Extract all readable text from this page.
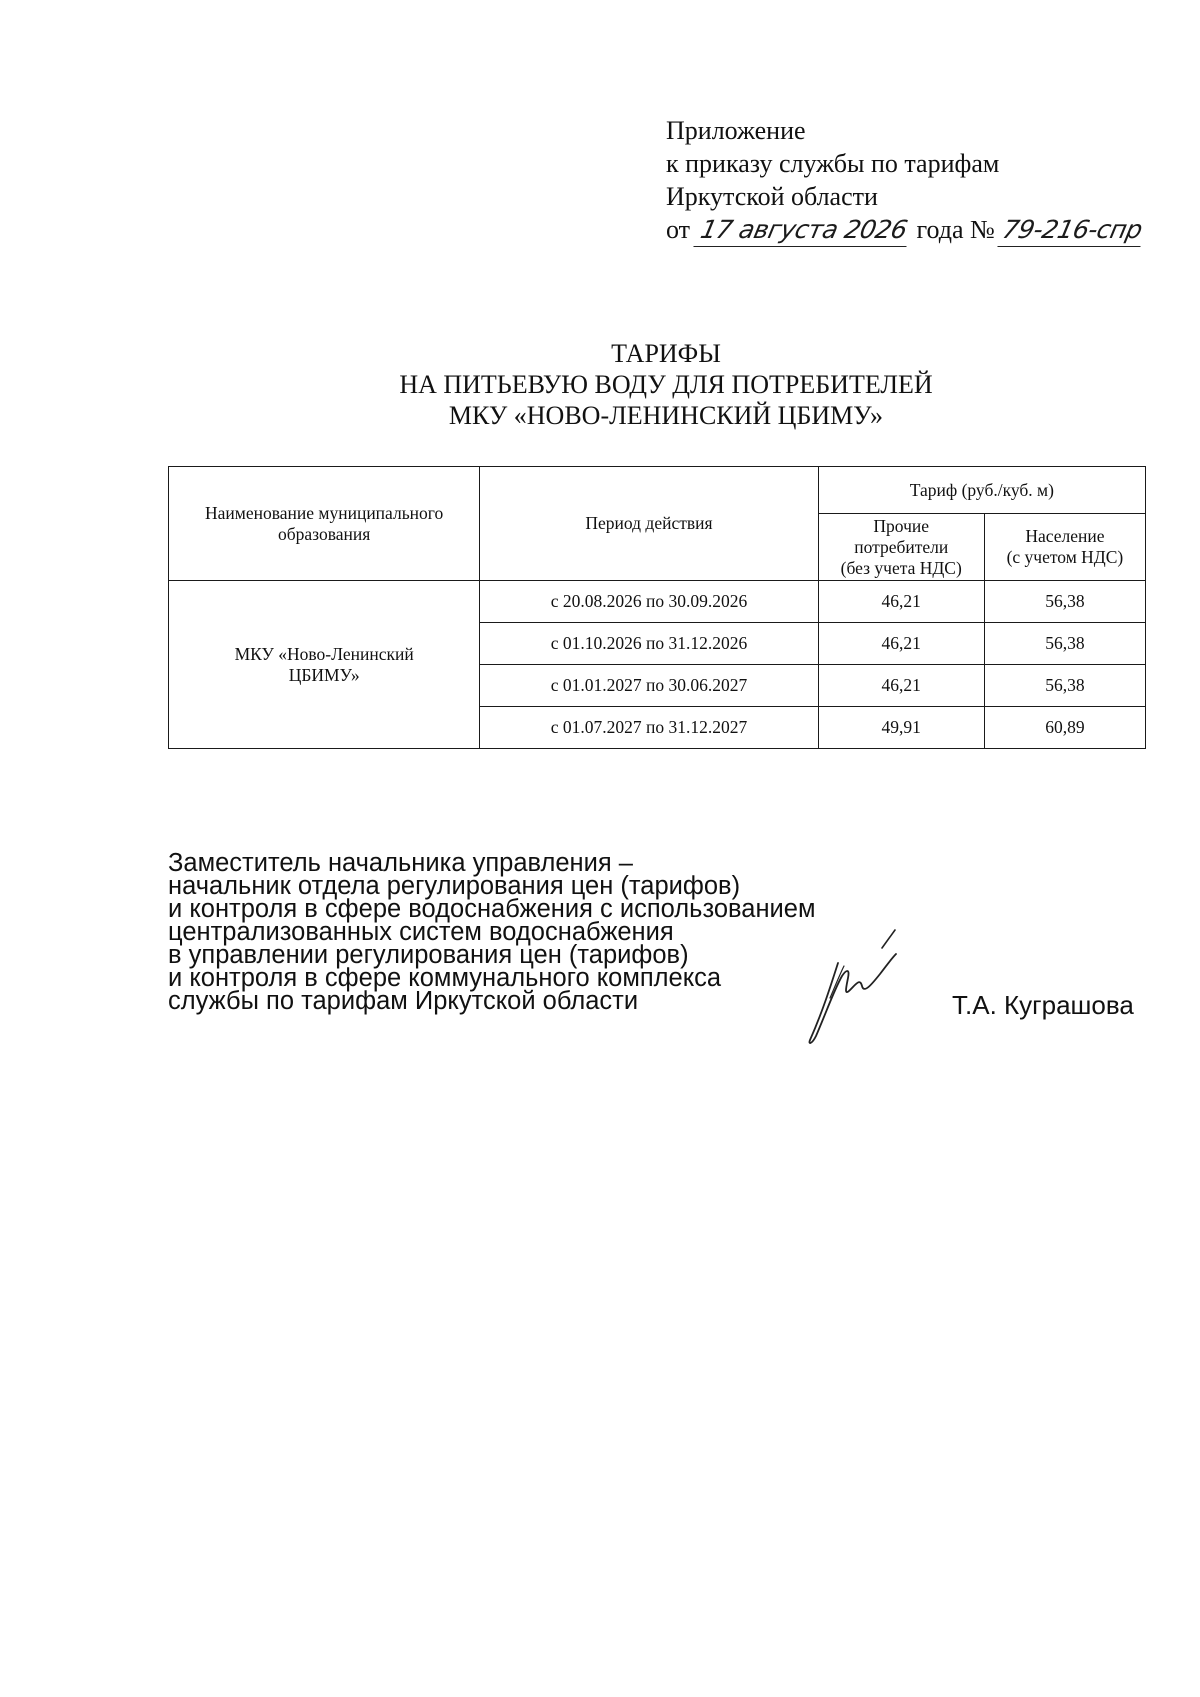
Приложение
к приказу службы по тарифам
Иркутской области
от 17 августа 2026 года № 79-216-спр
ТАРИФЫ
НА ПИТЬЕВУЮ ВОДУ ДЛЯ ПОТРЕБИТЕЛЕЙ
МКУ «НОВО-ЛЕНИНСКИЙ ЦБИМУ»
Наименование муниципального образования	Период действия	Тариф (руб./куб. м)	

		Прочие
потребители
(без учета НДС)	Население
(с учетом НДС)

МКУ «Ново-Ленинский
ЦБИМУ»	с 20.08.2026 по 30.09.2026	46,21	56,38
	с 01.10.2026 по 31.12.2026	46,21	56,38
	с 01.01.2027 по 30.06.2027	46,21	56,38
	с 01.07.2027 по 31.12.2027	49,91	60,89
Заместитель начальника управления –
начальник отдела регулирования цен (тарифов)
и контроля в сфере водоснабжения с использованием
централизованных систем водоснабжения
в управлении регулирования цен (тарифов)
и контроля в сфере коммунального комплекса
службы по тарифам Иркутской области	Т.А. Куграшова
